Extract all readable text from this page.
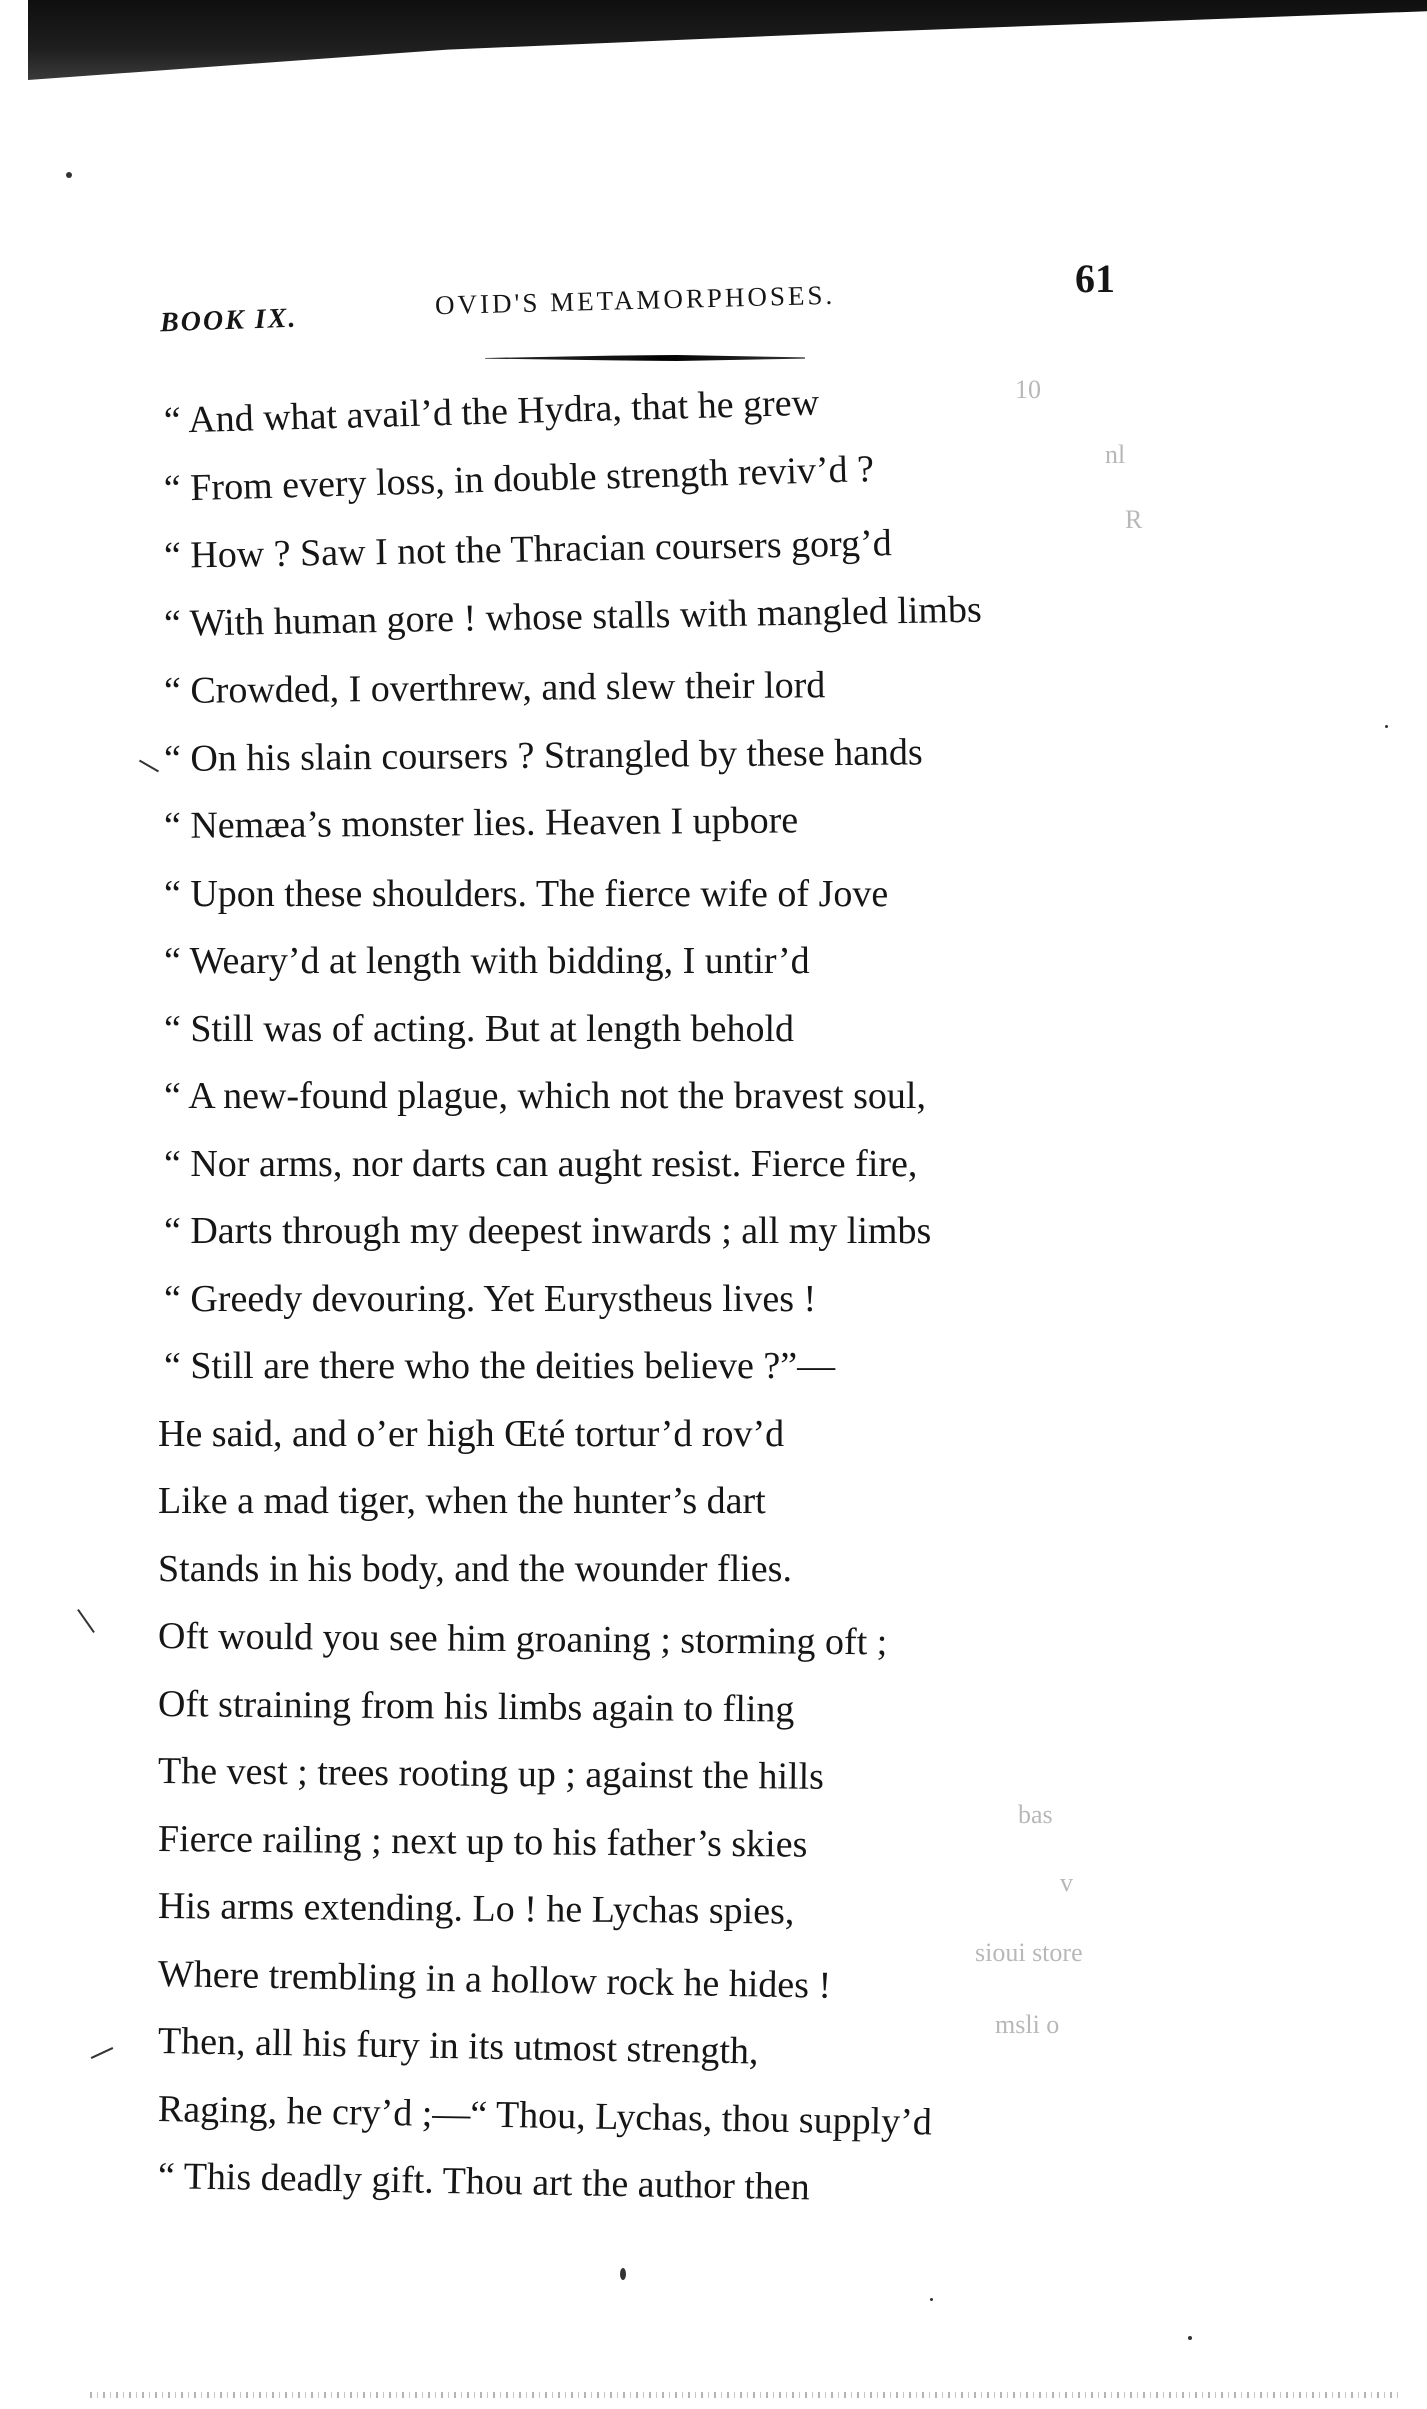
BOOK IX.
OVID'S METAMORPHOSES.	61
“ And what avail’d the Hydra, that he grew
“ From every loss, in double strength reviv’d ?
“ How ? Saw I not the Thracian coursers gorg’d
“ With human gore ! whose stalls with mangled limbs
“ Crowded, I overthrew, and slew their lord
“ On his slain coursers ? Strangled by these hands
“ Nemæa’s monster lies. Heaven I upbore
“ Upon these shoulders. The fierce wife of Jove
“ Weary’d at length with bidding, I untir’d
“ Still was of acting. But at length behold
“ A new-found plague, which not the bravest soul,
“ Nor arms, nor darts can aught resist. Fierce fire,
“ Darts through my deepest inwards ; all my limbs
“ Greedy devouring. Yet Eurystheus lives !
“ Still are there who the deities believe ?”—
He said, and o’er high Œté tortur’d rov’d
Like a mad tiger, when the hunter’s dart
Stands in his body, and the wounder flies.
Oft would you see him groaning ; storming oft ;
Oft straining from his limbs again to fling
The vest ; trees rooting up ; against the hills
Fierce railing ; next up to his father’s skies
His arms extending. Lo ! he Lychas spies,
Where trembling in a hollow rock he hides !
Then, all his fury in its utmost strength,
Raging, he cry’d ;—“ Thou, Lychas, thou supply’d
“ This deadly gift. Thou art the author then
10
nl
R
bas
v
sioui store
msli o
